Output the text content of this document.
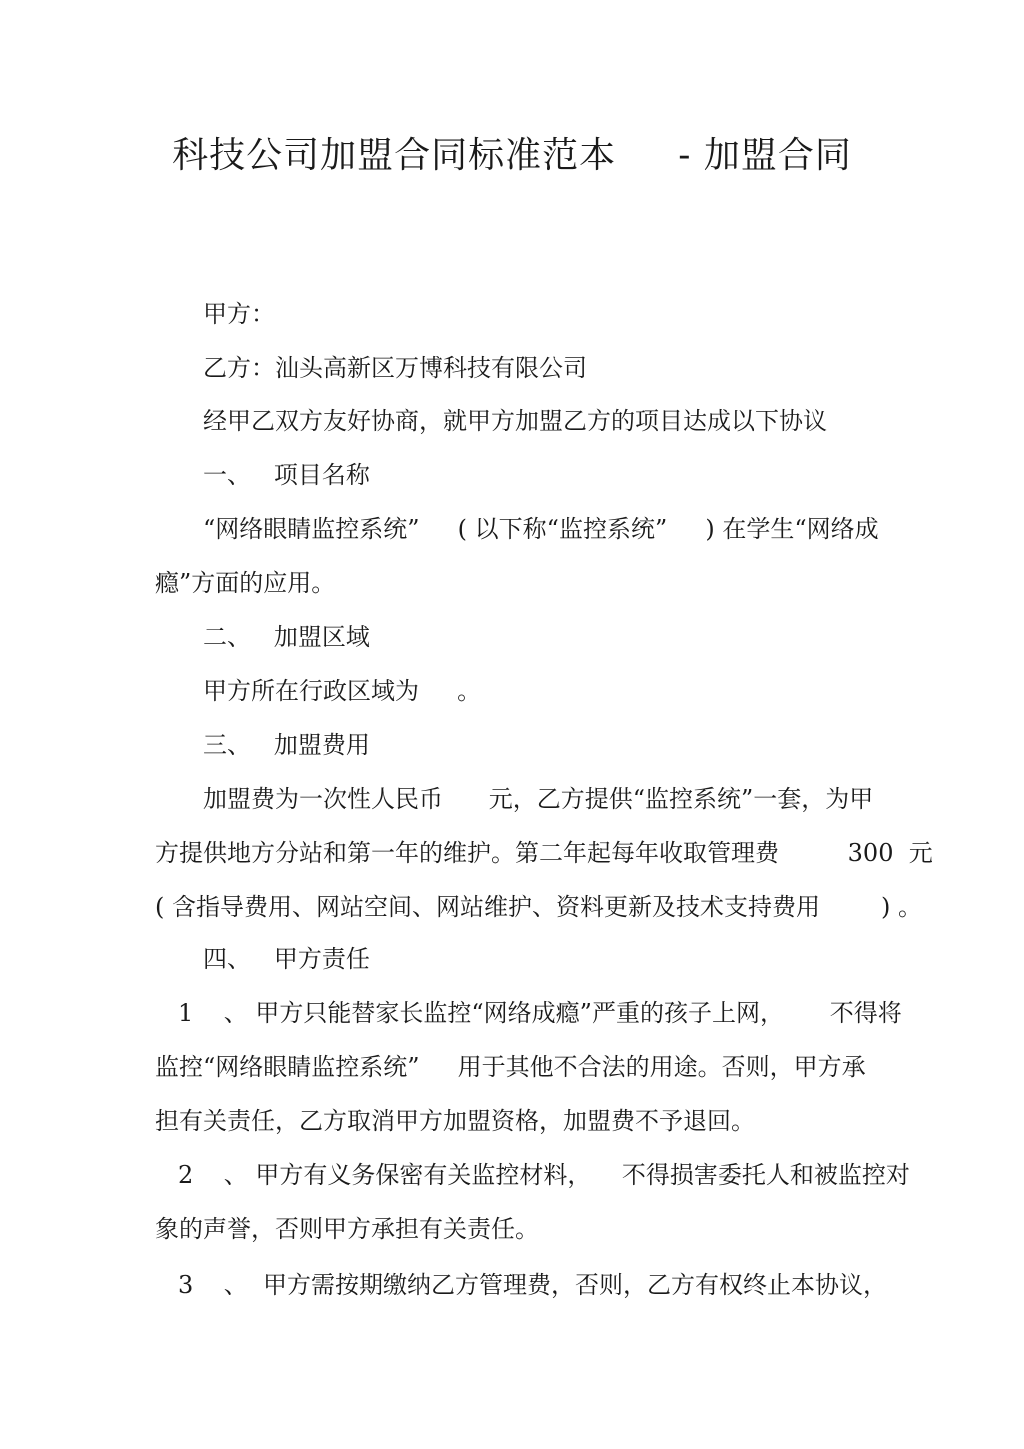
科技公司加盟合同标准范本     - 加盟合同
甲方：
乙方：汕头高新区万博科技有限公司
经甲乙双方友好协商，就甲方加盟乙方的项目达成以下协议
一、   项目名称
“网络眼睛监控系统”     ( 以下称“监控系统”     ) 在学生“网络成
瘾”方面的应用。
二、   加盟区域
甲方所在行政区域为     。
三、   加盟费用
加盟费为一次性人民币      元，乙方提供“监控系统”一套，为甲
方提供地方分站和第一年的维护。第二年起每年收取管理费         300  元
( 含指导费用、网站空间、网站维护、资料更新及技术支持费用        ) 。
四、   甲方责任
1    、 甲方只能替家长监控“网络成瘾”严重的孩子上网，      不得将
监控“网络眼睛监控系统”     用于其他不合法的用途。否则，甲方承
担有关责任，乙方取消甲方加盟资格，加盟费不予退回。
2    、 甲方有义务保密有关监控材料，    不得损害委托人和被监控对
象的声誉，否则甲方承担有关责任。
3    、  甲方需按期缴纳乙方管理费，否则，乙方有权终止本协议，
